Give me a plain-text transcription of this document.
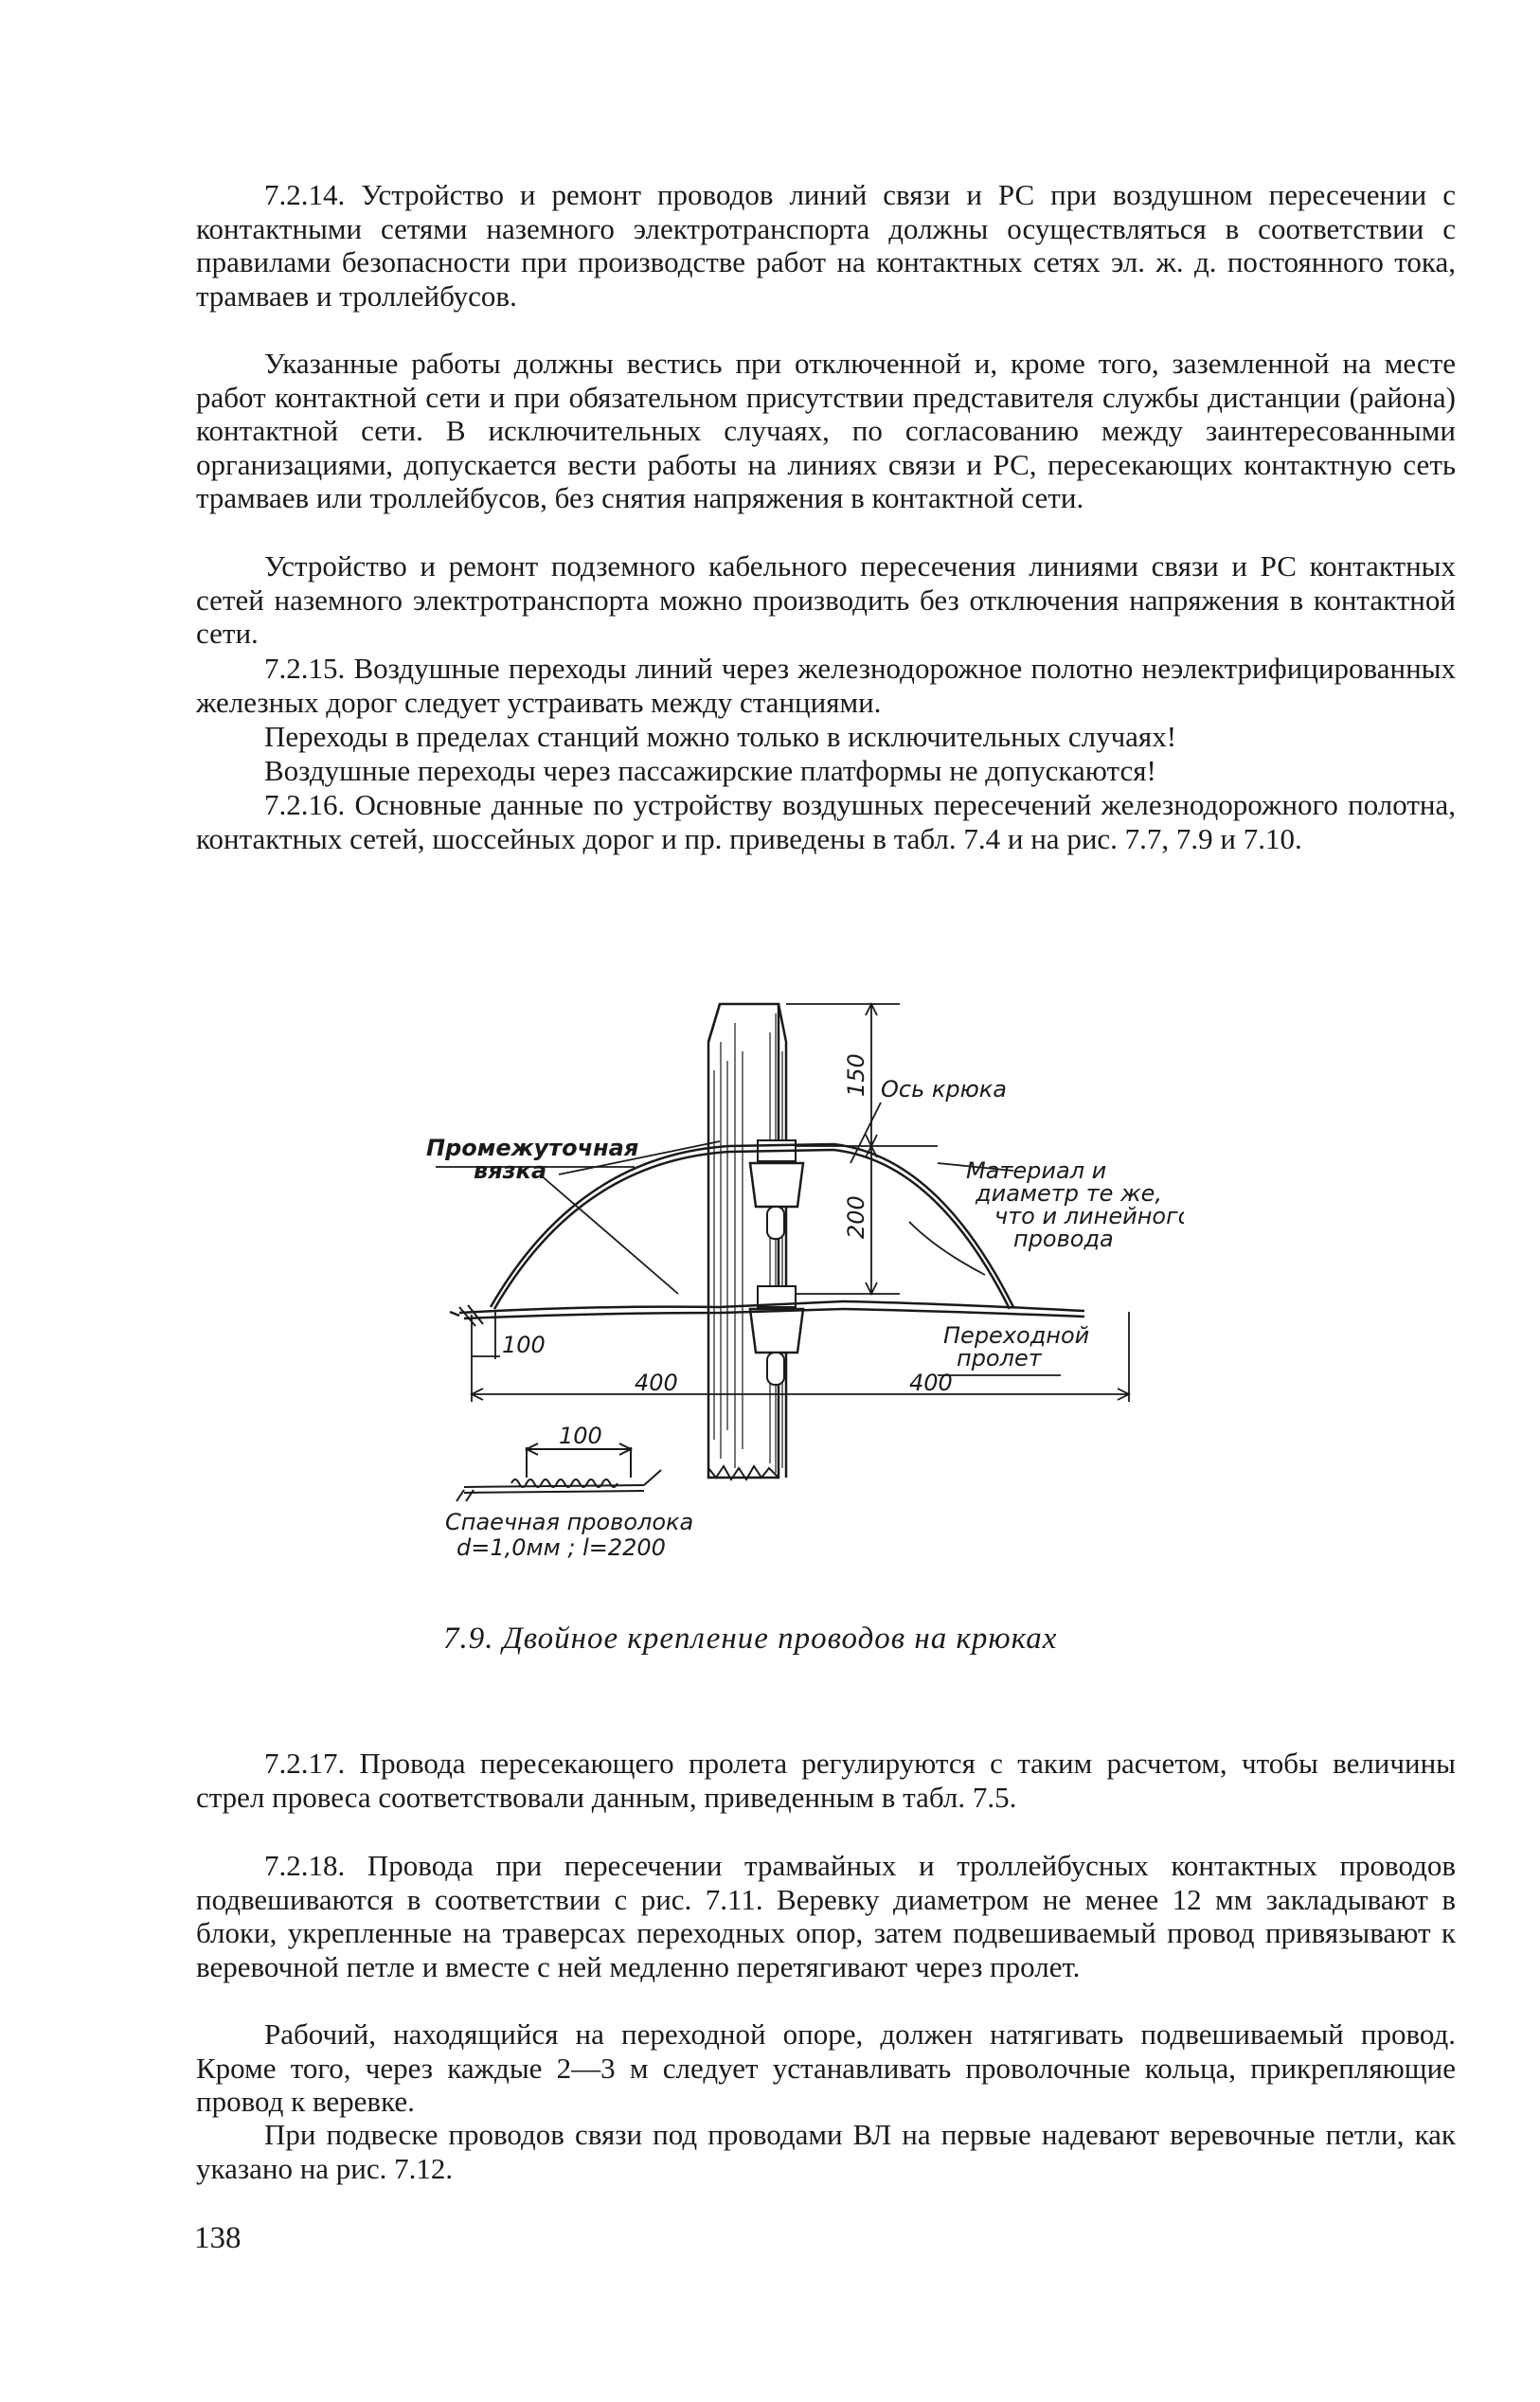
7.2.14. Устройство и ремонт проводов линий связи и РС при воздушном пересечении с контактными сетями наземного электротранспорта должны осуществляться в соответствии с правилами безопасности при производстве работ на контактных сетях эл. ж. д. постоянного тока, трамваев и троллейбусов.

Указанные работы должны вестись при отключенной и, кроме того, заземленной на месте работ контактной сети и при обязательном присутствии представителя службы дистанции (района) контактной сети. В исключительных случаях, по согласованию между заинтересованными организациями, допускается вести работы на линиях связи и РС, пересекающих контактную сеть трамваев или троллейбусов, без снятия напряжения в контактной сети.

Устройство и ремонт подземного кабельного пересечения линиями связи и РС контактных сетей наземного электротранспорта можно производить без отключения напряжения в контактной сети.

7.2.15. Воздушные переходы линий через железнодорожное полотно неэлектрифицированных железных дорог следует устраивать между станциями.

Переходы в пределах станций можно только в исключительных случаях!

Воздушные переходы через пассажирские платформы не допускаются!

7.2.16. Основные данные по устройству воздушных пересечений железнодорожного полотна, контактных сетей, шоссейных дорог и пр. приведены в табл. 7.4 и на рис. 7.7, 7.9 и 7.10.

150
200
100
400	400
Промежуточная
вязка
Ось крюка
Материал и
диаметр те же,
что и линейного
провода
Переходной
пролет
100
Спаечная проволока
d=1,0мм ; l=2200
7.9. Двойное крепление проводов на крюках

7.2.17. Провода пересекающего пролета регулируются с таким расчетом, чтобы величины стрел провеса соответствовали данным, приведенным в табл. 7.5.

7.2.18. Провода при пересечении трамвайных и троллейбусных контактных проводов подвешиваются в соответствии с рис. 7.11. Веревку диаметром не менее 12 мм закладывают в блоки, укрепленные на траверсах переходных опор, затем подвешиваемый провод привязывают к веревочной петле и вместе с ней медленно перетягивают через пролет.

Рабочий, находящийся на переходной опоре, должен натягивать подвешиваемый провод. Кроме того, через каждые 2—3 м следует устанавливать проволочные кольца, прикрепляющие провод к веревке.

При подвеске проводов связи под проводами ВЛ на первые надевают веревочные петли, как указано на рис. 7.12.

138
